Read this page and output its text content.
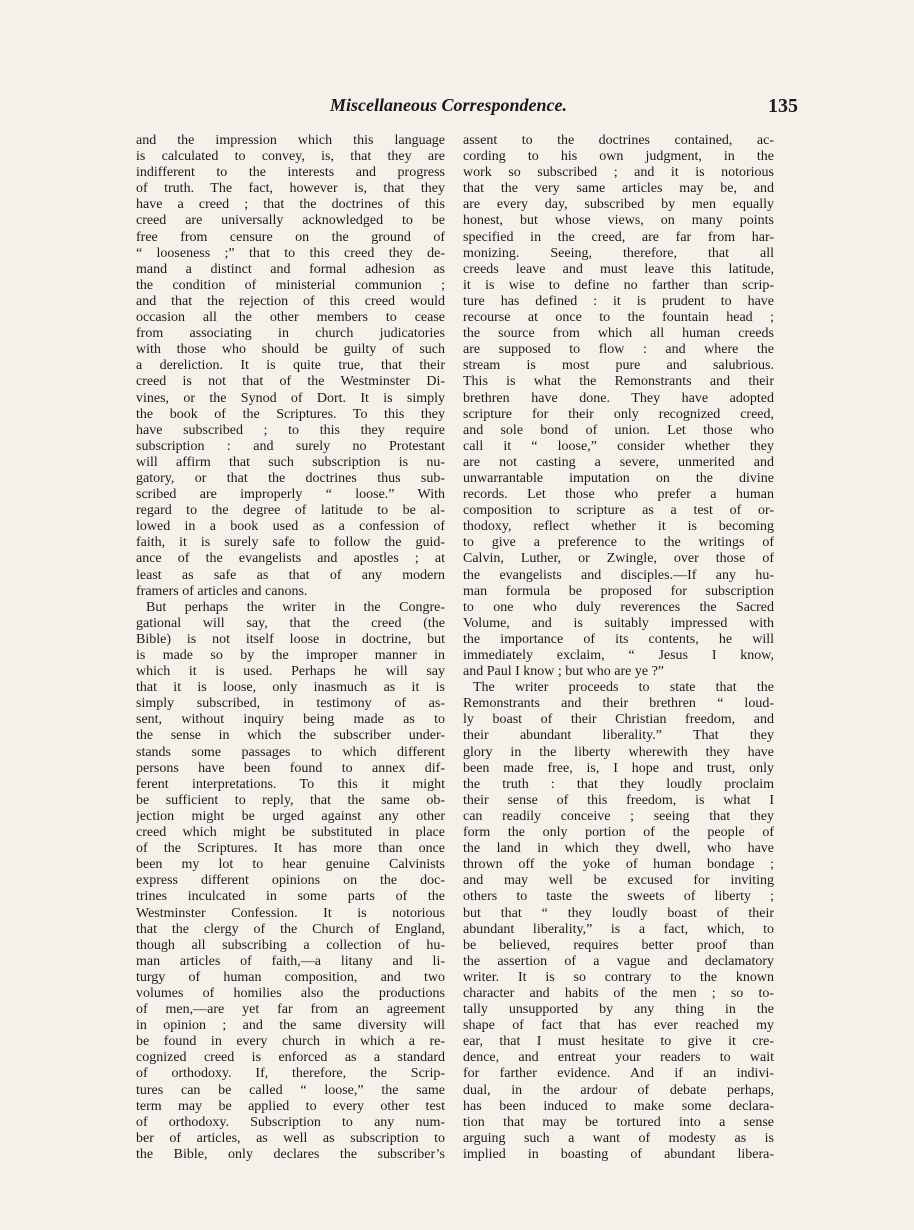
Miscellaneous Correspondence.	135
and the impression which this language
is calculated to convey, is, that they are
indifferent to the interests and progress
of truth. The fact, however is, that they
have a creed ; that the doctrines of this
creed are universally acknowledged to be
free from censure on the ground of
“ looseness ;” that to this creed they de-
mand a distinct and formal adhesion as
the condition of ministerial communion ;
and that the rejection of this creed would
occasion all the other members to cease
from associating in church judicatories
with those who should be guilty of such
a dereliction. It is quite true, that their
creed is not that of the Westminster Di-
vines, or the Synod of Dort. It is simply
the book of the Scriptures. To this they
have subscribed ; to this they require
subscription : and surely no Protestant
will affirm that such subscription is nu-
gatory, or that the doctrines thus sub-
scribed are improperly “ loose.” With
regard to the degree of latitude to be al-
lowed in a book used as a confession of
faith, it is surely safe to follow the guid-
ance of the evangelists and apostles ; at
least as safe as that of any modern
framers of articles and canons.
But perhaps the writer in the Congre-
gational will say, that the creed (the
Bible) is not itself loose in doctrine, but
is made so by the improper manner in
which it is used. Perhaps he will say
that it is loose, only inasmuch as it is
simply subscribed, in testimony of as-
sent, without inquiry being made as to
the sense in which the subscriber under-
stands some passages to which different
persons have been found to annex dif-
ferent interpretations. To this it might
be sufficient to reply, that the same ob-
jection might be urged against any other
creed which might be substituted in place
of the Scriptures. It has more than once
been my lot to hear genuine Calvinists
express different opinions on the doc-
trines inculcated in some parts of the
Westminster Confession. It is notorious
that the clergy of the Church of England,
though all subscribing a collection of hu-
man articles of faith,—a litany and li-
turgy of human composition, and two
volumes of homilies also the productions
of men,—are yet far from an agreement
in opinion ; and the same diversity will
be found in every church in which a re-
cognized creed is enforced as a standard
of orthodoxy. If, therefore, the Scrip-
tures can be called “ loose,” the same
term may be applied to every other test
of orthodoxy. Subscription to any num-
ber of articles, as well as subscription to
the Bible, only declares the subscriber’s
assent to the doctrines contained, ac-
cording to his own judgment, in the
work so subscribed ; and it is notorious
that the very same articles may be, and
are every day, subscribed by men equally
honest, but whose views, on many points
specified in the creed, are far from har-
monizing. Seeing, therefore, that all
creeds leave and must leave this latitude,
it is wise to define no farther than scrip-
ture has defined : it is prudent to have
recourse at once to the fountain head ;
the source from which all human creeds
are supposed to flow : and where the
stream is most pure and salubrious.
This is what the Remonstrants and their
brethren have done. They have adopted
scripture for their only recognized creed,
and sole bond of union. Let those who
call it “ loose,” consider whether they
are not casting a severe, unmerited and
unwarrantable imputation on the divine
records. Let those who prefer a human
composition to scripture as a test of or-
thodoxy, reflect whether it is becoming
to give a preference to the writings of
Calvin, Luther, or Zwingle, over those of
the evangelists and disciples.—If any hu-
man formula be proposed for subscription
to one who duly reverences the Sacred
Volume, and is suitably impressed with
the importance of its contents, he will
immediately exclaim, “ Jesus I know,
and Paul I know ; but who are ye ?”
The writer proceeds to state that the
Remonstrants and their brethren “ loud-
ly boast of their Christian freedom, and
their abundant liberality.” That they
glory in the liberty wherewith they have
been made free, is, I hope and trust, only
the truth : that they loudly proclaim
their sense of this freedom, is what I
can readily conceive ; seeing that they
form the only portion of the people of
the land in which they dwell, who have
thrown off the yoke of human bondage ;
and may well be excused for inviting
others to taste the sweets of liberty ;
but that “ they loudly boast of their
abundant liberality,” is a fact, which, to
be believed, requires better proof than
the assertion of a vague and declamatory
writer. It is so contrary to the known
character and habits of the men ; so to-
tally unsupported by any thing in the
shape of fact that has ever reached my
ear, that I must hesitate to give it cre-
dence, and entreat your readers to wait
for farther evidence. And if an indivi-
dual, in the ardour of debate perhaps,
has been induced to make some declara-
tion that may be tortured into a sense
arguing such a want of modesty as is
implied in boasting of abundant libera-
